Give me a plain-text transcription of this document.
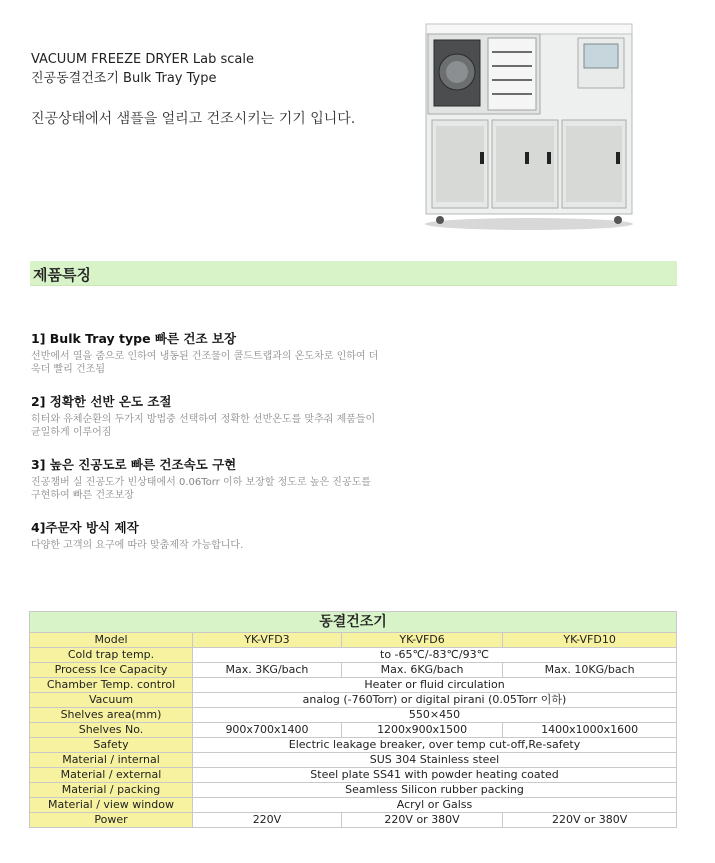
VACUUM FREEZE DRYER Lab scale
진공동결건조기 Bulk Tray Type
진공상태에서 샘플을 얼리고 건조시키는 기기 입니다.
제품특징
1] Bulk Tray type 빠른 건조 보장
선반에서 열을 줌으로 인하여 냉동된 건조물이 콜드트랩과의 온도차로 인하여 더욱더 빨리 건조됨
2] 정확한 선반 온도 조절
히터와 유체순환의 두가지 방법중 선택하여 정확한 선반온도를 맞추줘 제품들이 균일하게 이루어짐
3] 높은 진공도로 빠른 건조속도 구현
진공챔버 실 진공도가 빈상태에서 0.06Torr 이하 보장할 정도로 높은 진공도를 구현하여 빠른 건조보장
4]주문자 방식 제작
다양한 고객의 요구에 따라 맞춤제작 가능합니다.
동결건조기			
Model	YK-VFD3	YK-VFD6	YK-VFD10
Cold trap temp.	to -65℃/-83℃/93℃		
Process Ice Capacity	Max. 3KG/bach	Max. 6KG/bach	Max. 10KG/bach
Chamber Temp. control	Heater or fluid circulation		
Vacuum	analog (-760Torr) or digital pirani (0.05Torr 이하)		
Shelves area(mm)	550×450		
Shelves No.	900x700x1400	1200x900x1500	1400x1000x1600
Safety	Electric leakage breaker, over temp cut-off,Re-safety		
Material / internal	SUS 304 Stainless steel		
Material / external	Steel plate SS41 with powder heating coated		
Material / packing	Seamless Silicon rubber packing		
Material / view window	Acryl or Galss		
Power	220V	220V or 380V	220V or 380V
